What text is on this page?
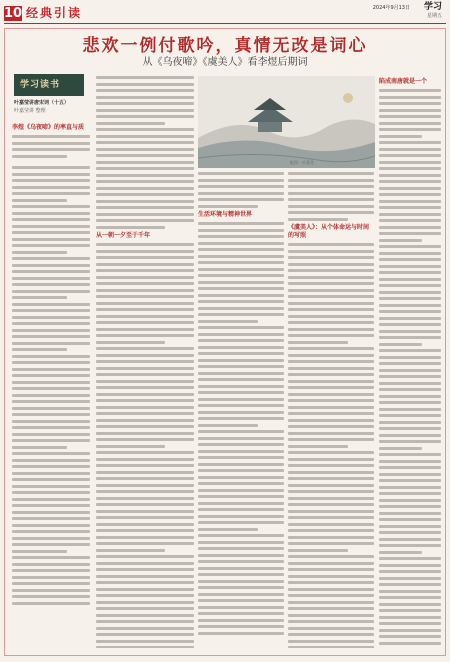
10 经典引读	2024年9月13日 学习
星期五
悲欢一例付歌吟，真情无改是词心
从《乌夜啼》《虞美人》看李煜后期词
学习读书
叶嘉莹讲唐宋词（十五）
叶嘉莹讲 整理
配图：叶嘉莹
李煜《乌夜啼》的率直与质
从一朝一夕至于千年
生活环境与精神世界
《虞美人》：从个体命运与时间的写照
陷成南唐就是一个
